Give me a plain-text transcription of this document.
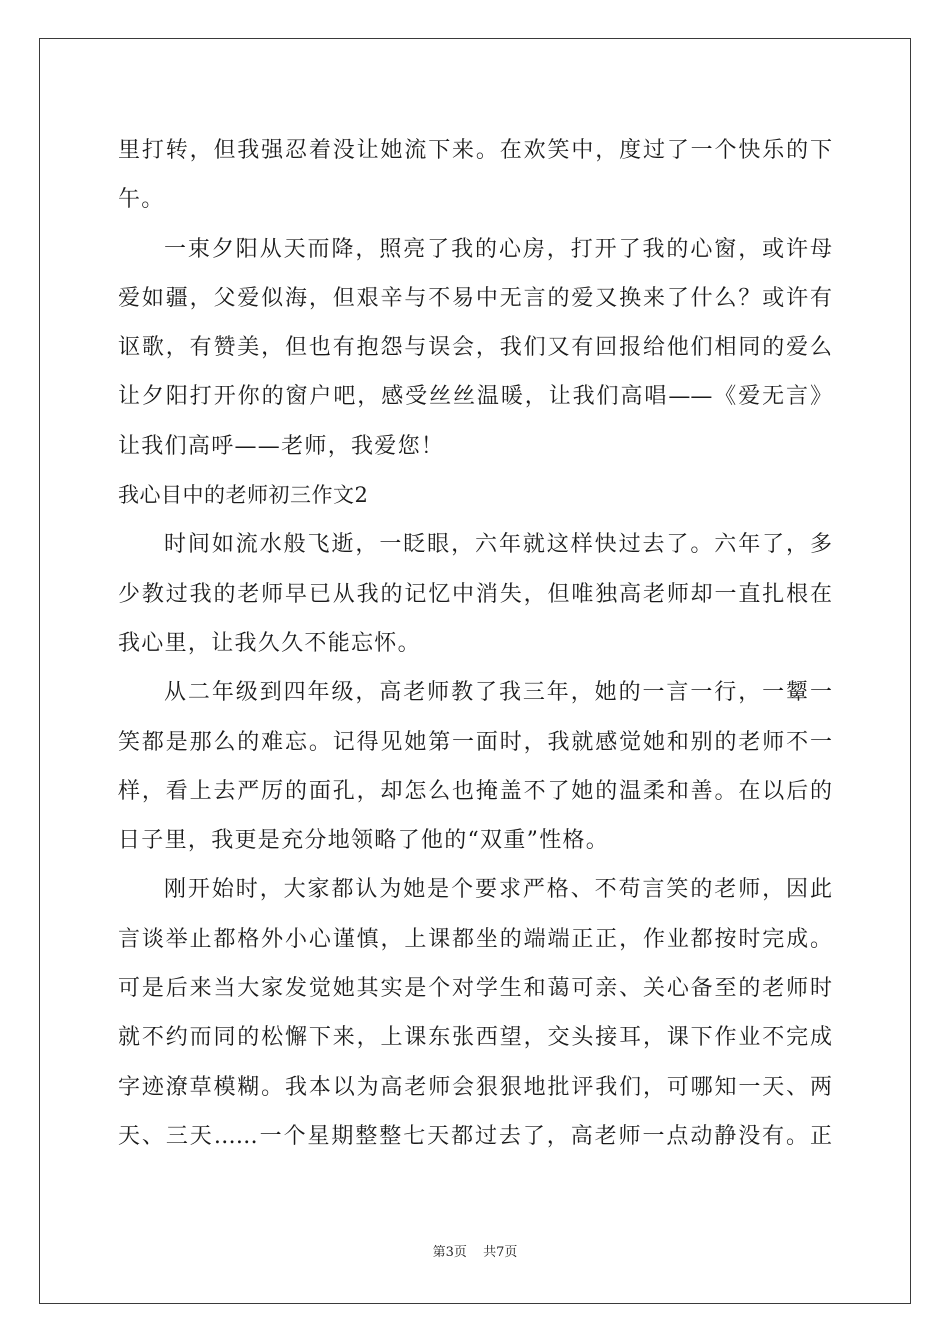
里打转，但我强忍着没让她流下来。在欢笑中，度过了一个快乐的下
午。
一束夕阳从天而降，照亮了我的心房，打开了我的心窗，或许母
爱如疆，父爱似海，但艰辛与不易中无言的爱又换来了什么？或许有
讴歌，有赞美，但也有抱怨与误会，我们又有回报给他们相同的爱么
让夕阳打开你的窗户吧，感受丝丝温暖，让我们高唱——《爱无言》
让我们高呼——老师，我爱您！
我心目中的老师初三作文2
时间如流水般飞逝，一眨眼，六年就这样快过去了。六年了，多
少教过我的老师早已从我的记忆中消失，但唯独高老师却一直扎根在
我心里，让我久久不能忘怀。
从二年级到四年级，高老师教了我三年，她的一言一行，一颦一
笑都是那么的难忘。记得见她第一面时，我就感觉她和别的老师不一
样，看上去严厉的面孔，却怎么也掩盖不了她的温柔和善。在以后的
日子里，我更是充分地领略了他的“双重”性格。
刚开始时，大家都认为她是个要求严格、不苟言笑的老师，因此
言谈举止都格外小心谨慎，上课都坐的端端正正，作业都按时完成。
可是后来当大家发觉她其实是个对学生和蔼可亲、关心备至的老师时
就不约而同的松懈下来，上课东张西望，交头接耳，课下作业不完成
字迹潦草模糊。我本以为高老师会狠狠地批评我们，可哪知一天、两
天、三天……一个星期整整七天都过去了，高老师一点动静没有。正
第3页 共7页
